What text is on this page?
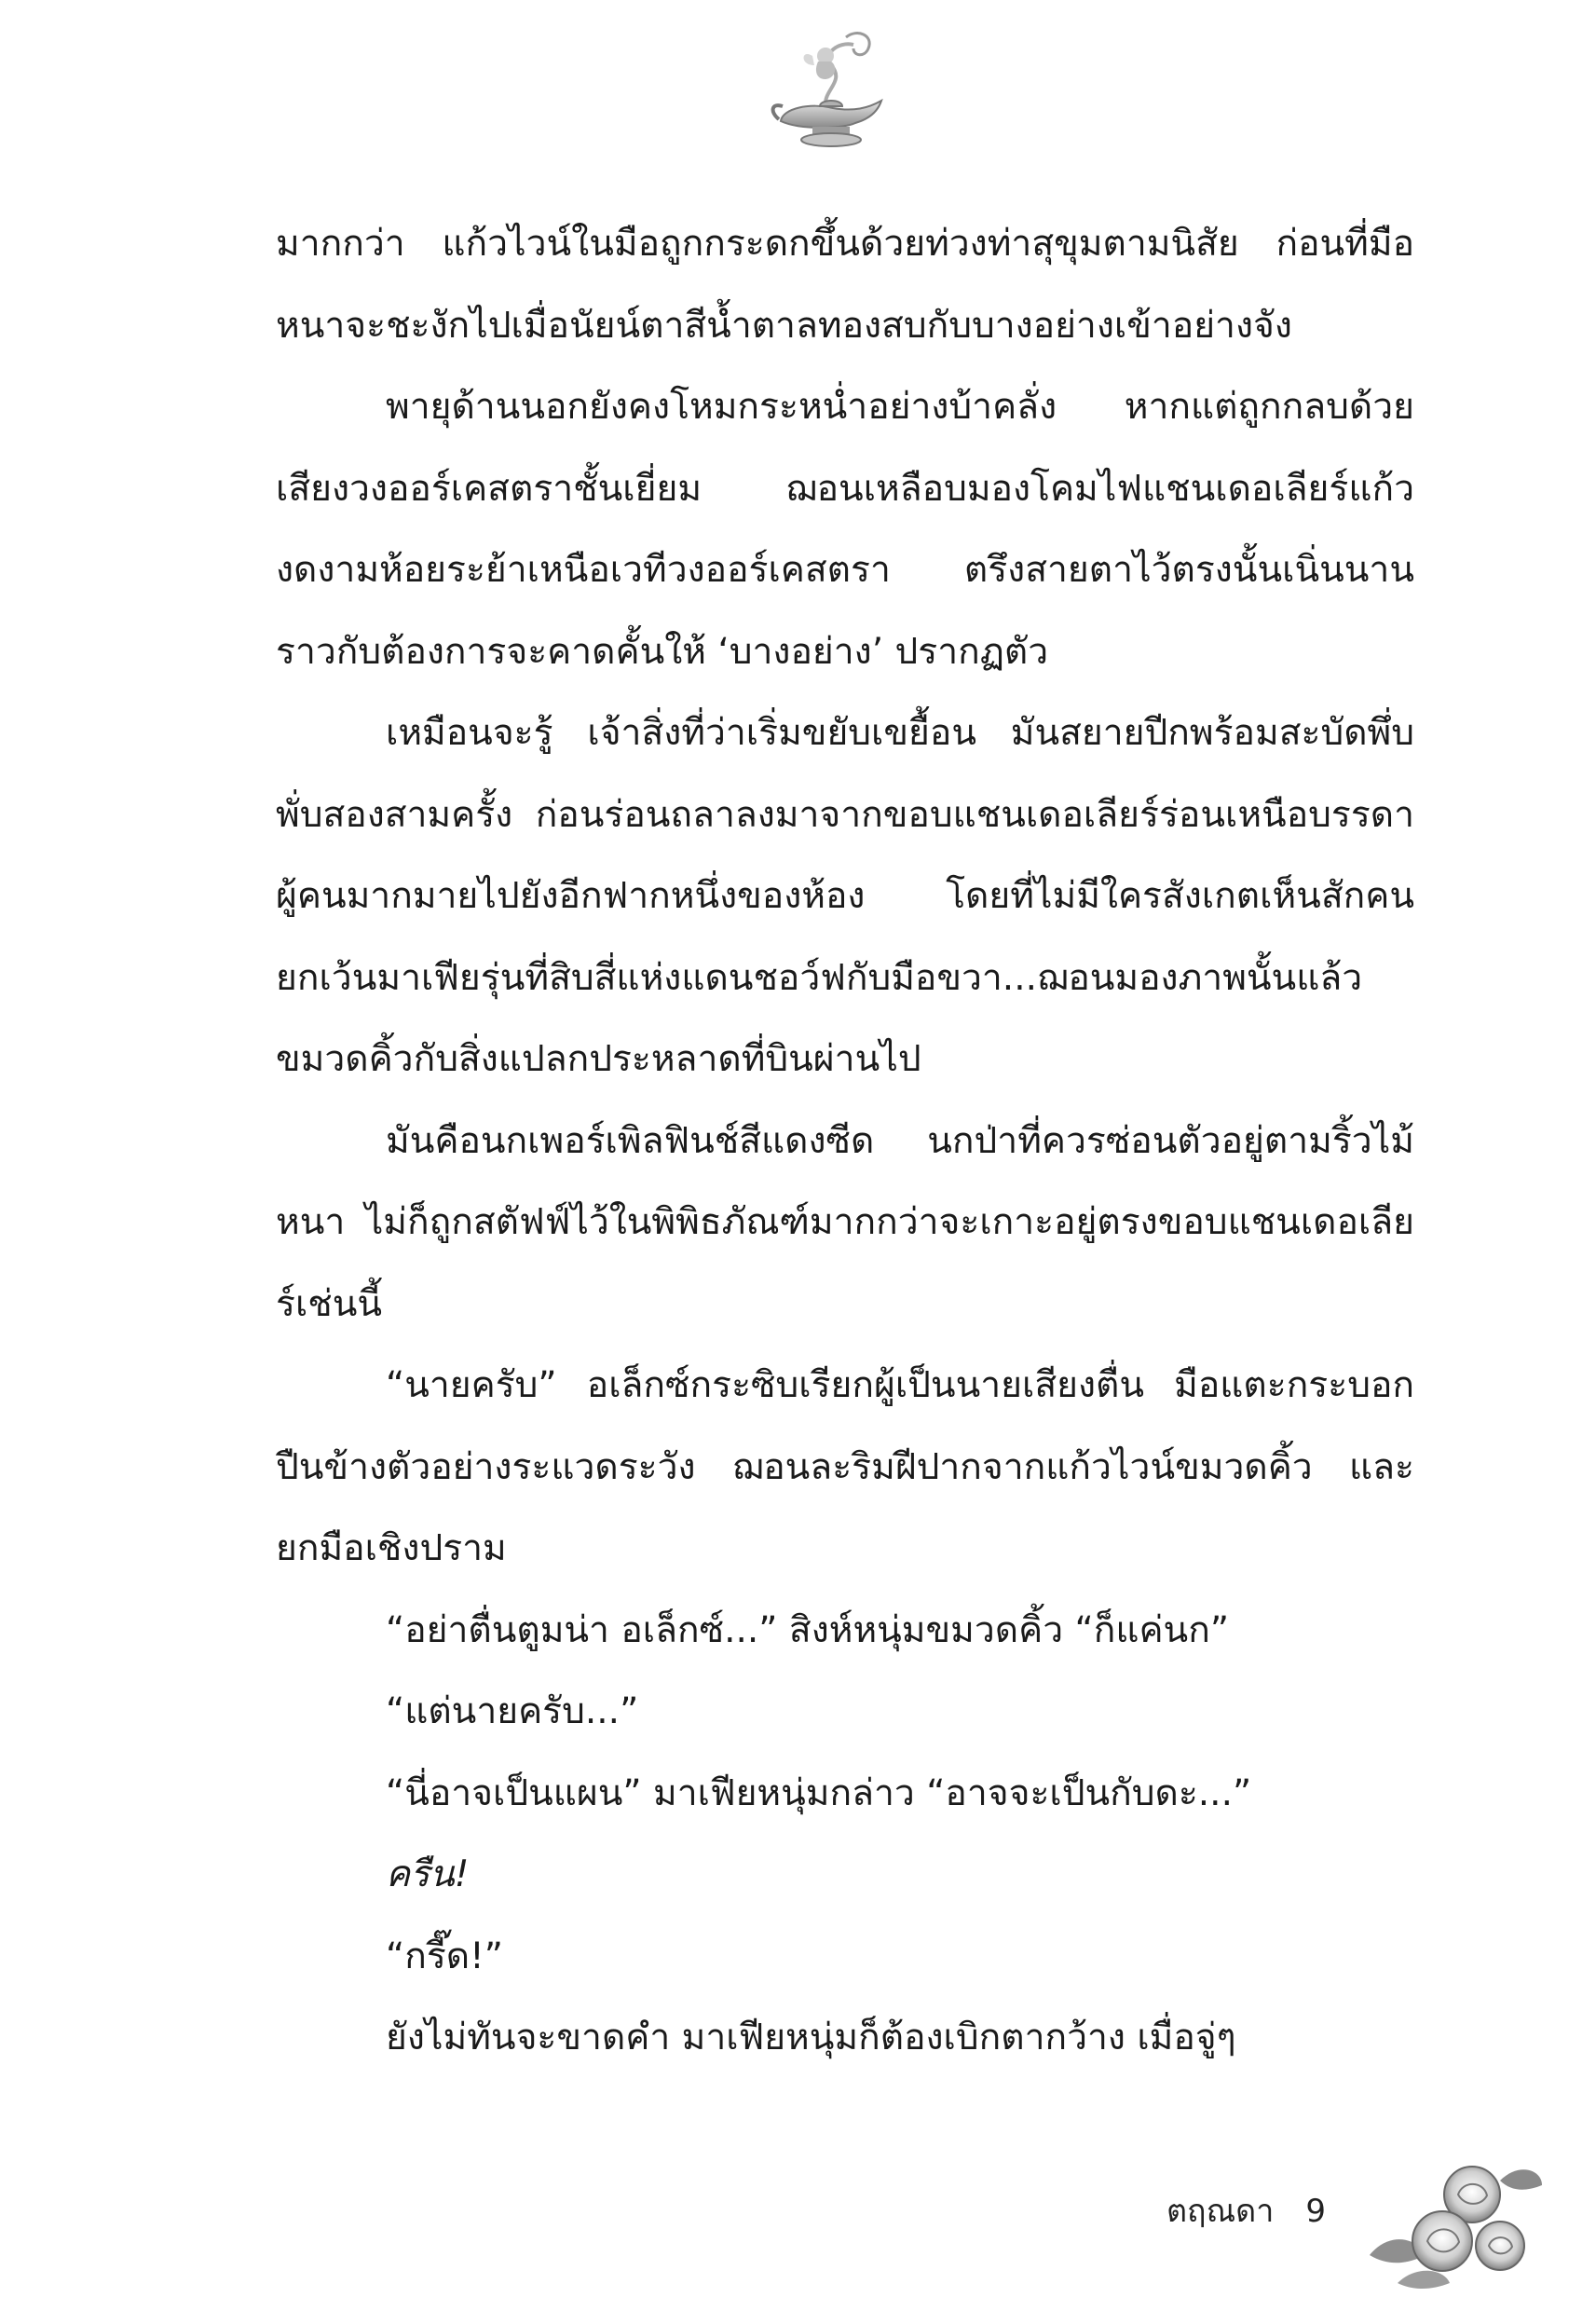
มากกว่า แก้วไวน์ในมือถูกกระดกขึ้นด้วยท่วงท่าสุขุมตามนิสัย ก่อนที่มือหนาจะชะงักไปเมื่อนัยน์ตาสีน้ำตาลทองสบกับบางอย่างเข้าอย่างจัง

พายุด้านนอกยังคงโหมกระหน่ำอย่างบ้าคลั่ง หากแต่ถูกกลบด้วยเสียงวงออร์เคสตราชั้นเยี่ยม ฌอนเหลือบมองโคมไฟแชนเดอเลียร์แก้วงดงามห้อยระย้าเหนือเวทีวงออร์เคสตรา ตรึงสายตาไว้ตรงนั้นเนิ่นนานราวกับต้องการจะคาดคั้นให้ ‘บางอย่าง’ ปรากฏตัว

เหมือนจะรู้ เจ้าสิ่งที่ว่าเริ่มขยับเขยื้อน มันสยายปีกพร้อมสะบัดพึ่บพั่บสองสามครั้ง ก่อนร่อนถลาลงมาจากขอบแชนเดอเลียร์ร่อนเหนือบรรดาผู้คนมากมายไปยังอีกฟากหนึ่งของห้อง โดยที่ไม่มีใครสังเกตเห็นสักคน ยกเว้นมาเฟียรุ่นที่สิบสี่แห่งแดนชอว์ฟกับมือขวา...ฌอนมองภาพนั้นแล้วขมวดคิ้วกับสิ่งแปลกประหลาดที่บินผ่านไป

มันคือนกเพอร์เพิลฟินช์สีแดงซีด นกป่าที่ควรซ่อนตัวอยู่ตามริ้วไม้หนา ไม่ก็ถูกสตัฟฟ์ไว้ในพิพิธภัณฑ์มากกว่าจะเกาะอยู่ตรงขอบแชนเดอเลียร์เช่นนี้

“นายครับ” อเล็กซ์กระซิบเรียกผู้เป็นนายเสียงตื่น มือแตะกระบอกปืนข้างตัวอย่างระแวดระวัง ฌอนละริมฝีปากจากแก้วไวน์ขมวดคิ้ว และยกมือเชิงปราม

“อย่าตื่นตูมน่า อเล็กซ์...” สิงห์หนุ่มขมวดคิ้ว “ก็แค่นก”

“แต่นายครับ...”

“นี่อาจเป็นแผน” มาเฟียหนุ่มกล่าว “อาจจะเป็นกับดะ...”

ครืน!

“กรี๊ด!”

ยังไม่ทันจะขาดคำ มาเฟียหนุ่มก็ต้องเบิกตากว้าง เมื่อจู่ๆ

ตฤณดา 9
